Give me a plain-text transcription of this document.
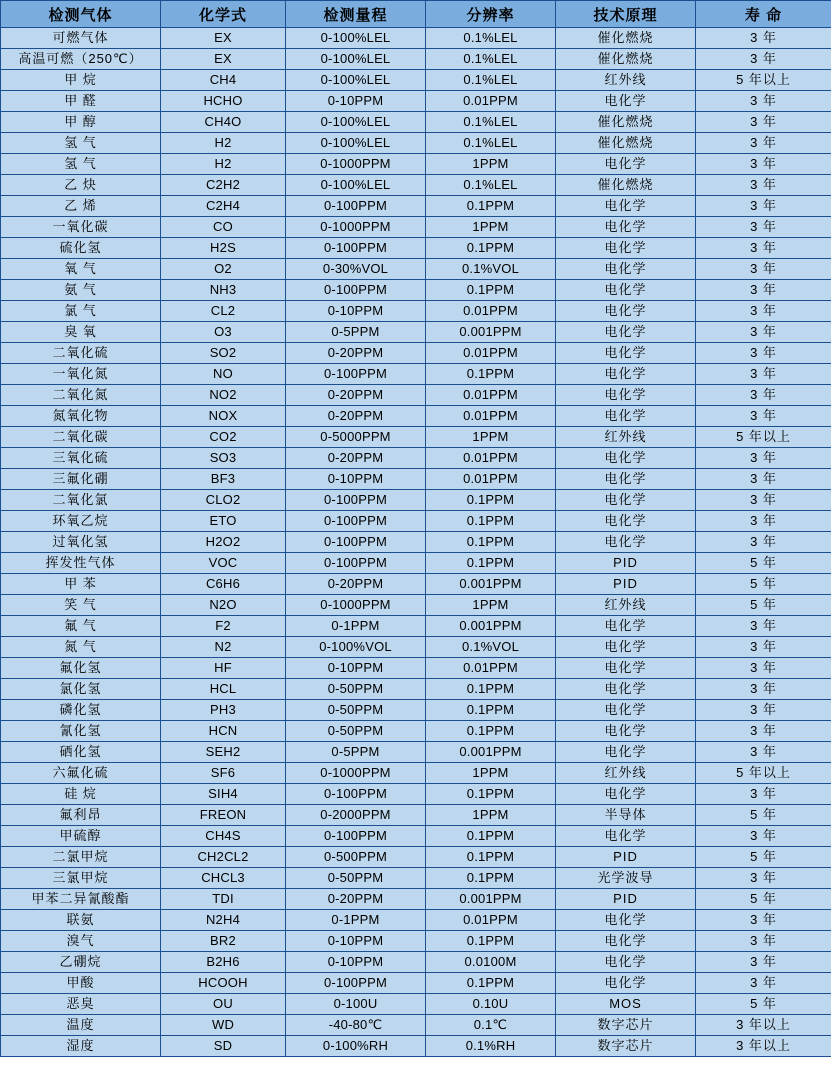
检测气体	化学式	检测量程	分辨率	技术原理	寿 命
可燃气体	EX	0-100%LEL	0.1%LEL	催化燃烧	3 年
高温可燃（250℃）	EX	0-100%LEL	0.1%LEL	催化燃烧	3 年
甲 烷	CH4	0-100%LEL	0.1%LEL	红外线	5 年以上
甲 醛	HCHO	0-10PPM	0.01PPM	电化学	3 年
甲 醇	CH4O	0-100%LEL	0.1%LEL	催化燃烧	3 年
氢 气	H2	0-100%LEL	0.1%LEL	催化燃烧	3 年
氢 气	H2	0-1000PPM	1PPM	电化学	3 年
乙 炔	C2H2	0-100%LEL	0.1%LEL	催化燃烧	3 年
乙 烯	C2H4	0-100PPM	0.1PPM	电化学	3 年
一氧化碳	CO	0-1000PPM	1PPM	电化学	3 年
硫化氢	H2S	0-100PPM	0.1PPM	电化学	3 年
氧 气	O2	0-30%VOL	0.1%VOL	电化学	3 年
氨 气	NH3	0-100PPM	0.1PPM	电化学	3 年
氯 气	CL2	0-10PPM	0.01PPM	电化学	3 年
臭 氧	O3	0-5PPM	0.001PPM	电化学	3 年
二氧化硫	SO2	0-20PPM	0.01PPM	电化学	3 年
一氧化氮	NO	0-100PPM	0.1PPM	电化学	3 年
二氧化氮	NO2	0-20PPM	0.01PPM	电化学	3 年
氮氧化物	NOX	0-20PPM	0.01PPM	电化学	3 年
二氧化碳	CO2	0-5000PPM	1PPM	红外线	5 年以上
三氧化硫	SO3	0-20PPM	0.01PPM	电化学	3 年
三氟化硼	BF3	0-10PPM	0.01PPM	电化学	3 年
二氧化氯	CLO2	0-100PPM	0.1PPM	电化学	3 年
环氧乙烷	ETO	0-100PPM	0.1PPM	电化学	3 年
过氧化氢	H2O2	0-100PPM	0.1PPM	电化学	3 年
挥发性气体	VOC	0-100PPM	0.1PPM	PID	5 年
甲 苯	C6H6	0-20PPM	0.001PPM	PID	5 年
笑 气	N2O	0-1000PPM	1PPM	红外线	5 年
氟 气	F2	0-1PPM	0.001PPM	电化学	3 年
氮 气	N2	0-100%VOL	0.1%VOL	电化学	3 年
氟化氢	HF	0-10PPM	0.01PPM	电化学	3 年
氯化氢	HCL	0-50PPM	0.1PPM	电化学	3 年
磷化氢	PH3	0-50PPM	0.1PPM	电化学	3 年
氰化氢	HCN	0-50PPM	0.1PPM	电化学	3 年
硒化氢	SEH2	0-5PPM	0.001PPM	电化学	3 年
六氟化硫	SF6	0-1000PPM	1PPM	红外线	5 年以上
硅 烷	SIH4	0-100PPM	0.1PPM	电化学	3 年
氟利昂	FREON	0-2000PPM	1PPM	半导体	5 年
甲硫醇	CH4S	0-100PPM	0.1PPM	电化学	3 年
二氯甲烷	CH2CL2	0-500PPM	0.1PPM	PID	5 年
三氯甲烷	CHCL3	0-50PPM	0.1PPM	光学波导	3 年
甲苯二异氰酸酯	TDI	0-20PPM	0.001PPM	PID	5 年
联氨	N2H4	0-1PPM	0.01PPM	电化学	3 年
溴气	BR2	0-10PPM	0.1PPM	电化学	3 年
乙硼烷	B2H6	0-10PPM	0.0100M	电化学	3 年
甲酸	HCOOH	0-100PPM	0.1PPM	电化学	3 年
恶臭	OU	0-100U	0.10U	MOS	5 年
温度	WD	-40-80℃	0.1℃	数字芯片	3 年以上
湿度	SD	0-100%RH	0.1%RH	数字芯片	3 年以上
